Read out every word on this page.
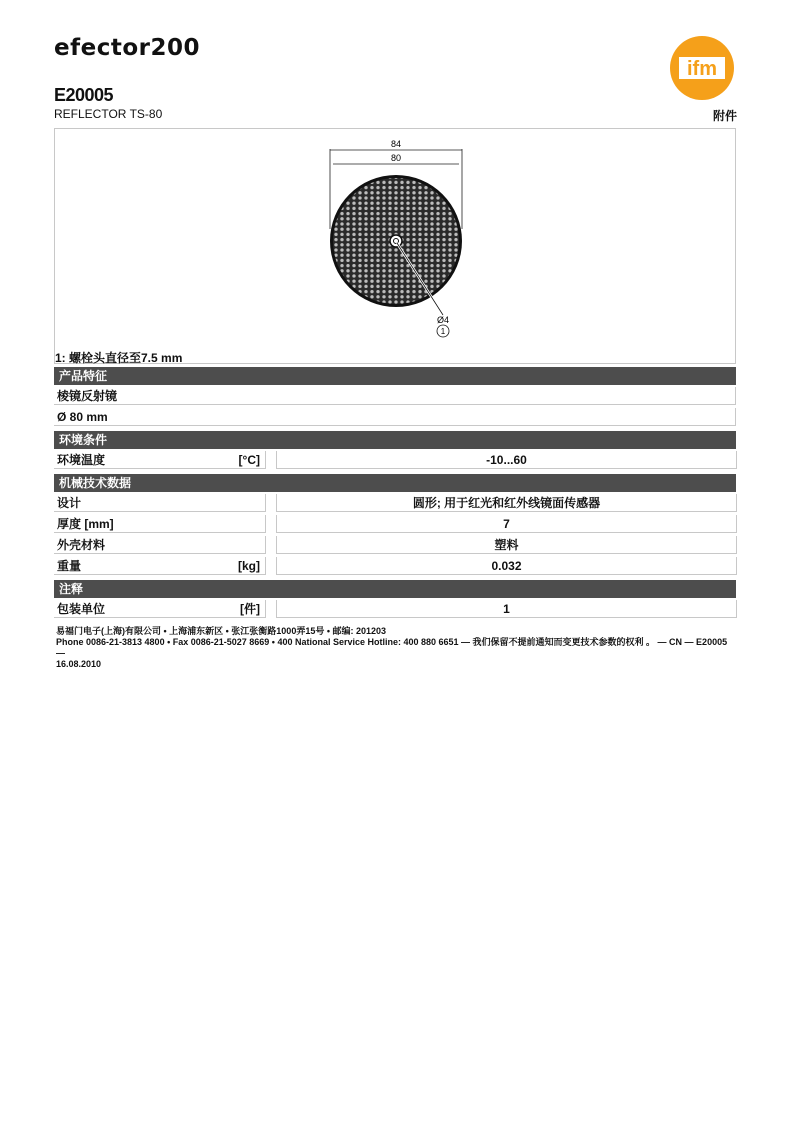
efector200
ifm
E20005
REFLECTOR TS-80	附件
84
80
Ø4
1
1: 螺栓头直径至7.5 mm
产品特征
棱镜反射镜
Ø 80 mm
环境条件
环境温度	[°C]	-10...60
机械技术数据
设计	圆形; 用于红光和红外线镜面传感器
厚度 [mm]	7
外壳材料	塑料
重量	[kg]	0.032
注释
包装单位	[件]	1
易福门电子(上海)有限公司 • 上海浦东新区 • 张江张衡路1000弄15号 • 邮编: 201203
Phone 0086-21-3813 4800 • Fax 0086-21-5027 8669 • 400 National Service Hotline: 400 880 6651 — 我们保留不提前通知而变更技术参数的权利 。 — CN — E20005 —
16.08.2010
